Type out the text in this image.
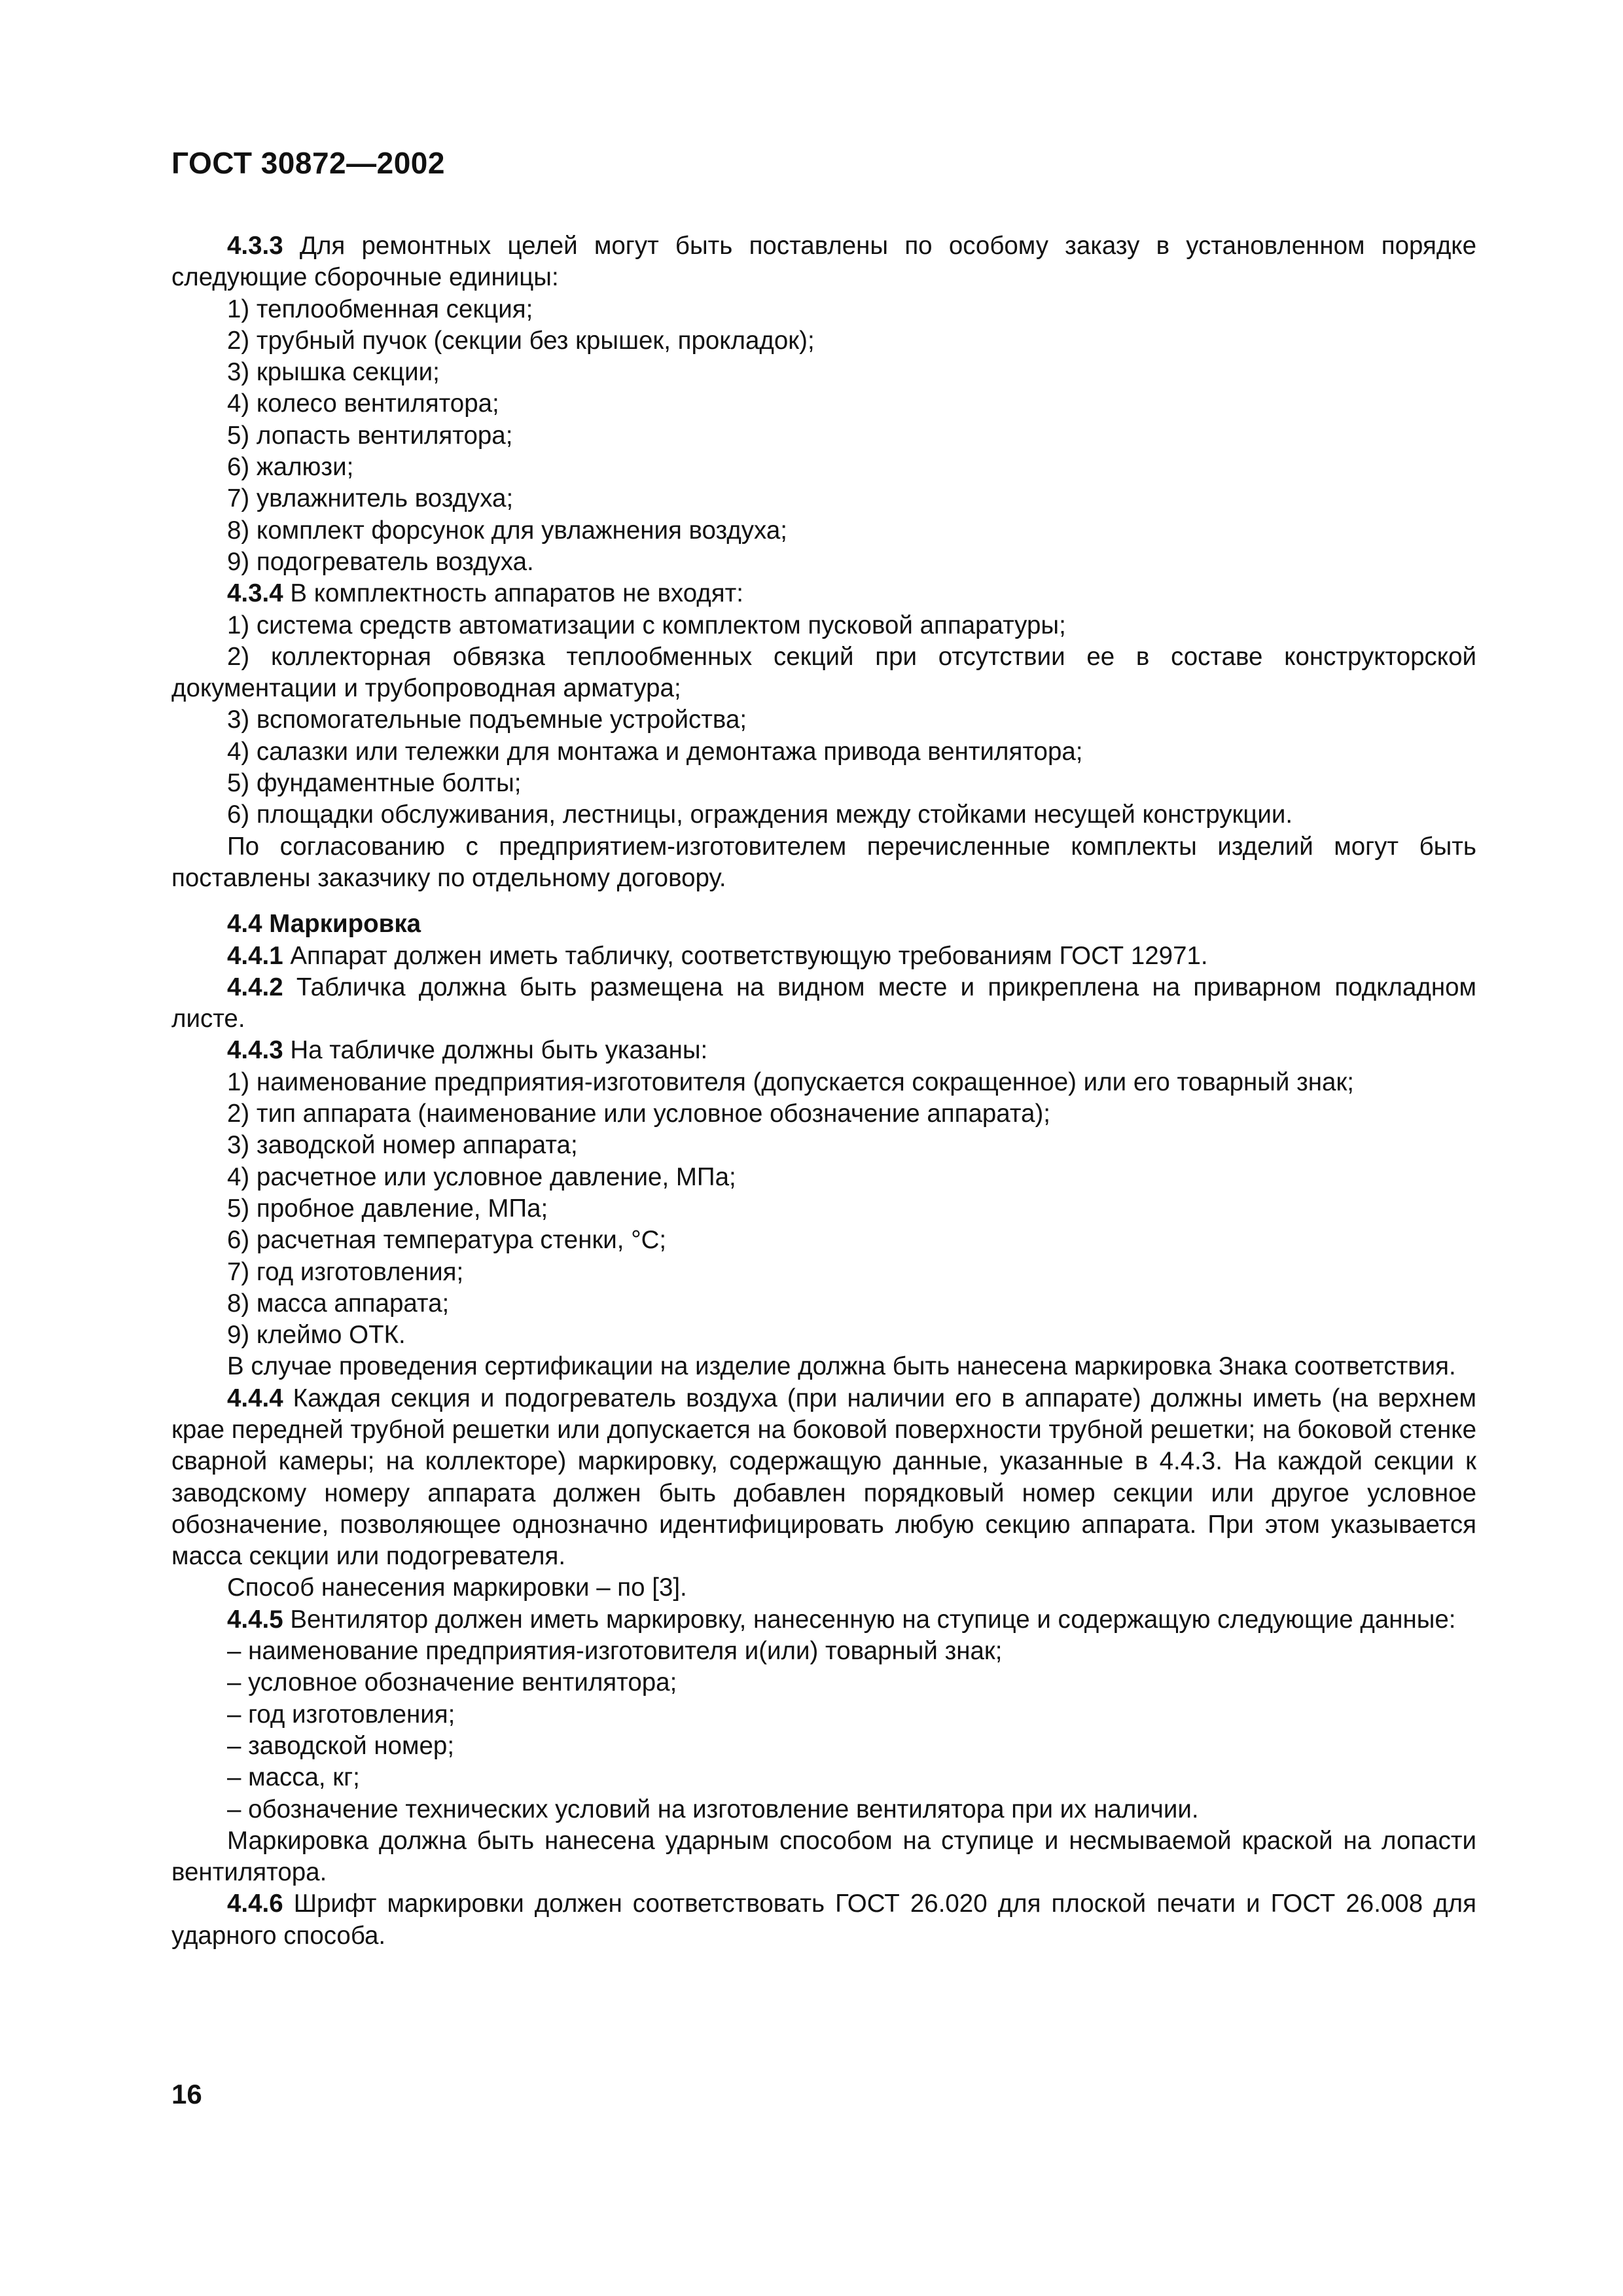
ГОСТ 30872—2002

4.3.3 Для ремонтных целей могут быть поставлены по особому заказу в установленном порядке следующие сборочные единицы:

1) теплообменная секция;

2) трубный пучок (секции без крышек, прокладок);

3) крышка секции;

4) колесо вентилятора;

5) лопасть вентилятора;

6) жалюзи;

7) увлажнитель воздуха;

8) комплект форсунок для увлажнения воздуха;

9) подогреватель воздуха.

4.3.4 В комплектность аппаратов не входят:

1) система средств автоматизации с комплектом пусковой аппаратуры;

2) коллекторная обвязка теплообменных секций при отсутствии ее в составе конструкторской документации и трубопроводная арматура;

3) вспомогательные подъемные устройства;

4) салазки или тележки для монтажа и демонтажа привода вентилятора;

5) фундаментные болты;

6) площадки обслуживания, лестницы, ограждения между стойками несущей конструкции.

По согласованию с предприятием-изготовителем перечисленные комплекты изделий могут быть поставлены заказчику по отдельному договору.

4.4 Маркировка

4.4.1 Аппарат должен иметь табличку, соответствующую требованиям ГОСТ 12971.

4.4.2 Табличка должна быть размещена на видном месте и прикреплена на приварном подкладном листе.

4.4.3 На табличке должны быть указаны:

1) наименование предприятия-изготовителя (допускается сокращенное) или его товарный знак;

2) тип аппарата (наименование или условное обозначение аппарата);

3) заводской номер аппарата;

4) расчетное или условное давление, МПа;

5) пробное давление, МПа;

6) расчетная температура стенки, °С;

7) год изготовления;

8) масса аппарата;

9) клеймо ОТК.

В случае проведения сертификации на изделие должна быть нанесена маркировка Знака соответствия.

4.4.4 Каждая секция и подогреватель воздуха (при наличии его в аппарате) должны иметь (на верхнем крае передней трубной решетки или допускается на боковой поверхности трубной решетки; на боковой стенке сварной камеры; на коллекторе) маркировку, содержащую данные, указанные в 4.4.3. На каждой секции к заводскому номеру аппарата должен быть добавлен порядковый номер секции или другое условное обозначение, позволяющее однозначно идентифицировать любую секцию аппарата. При этом указывается масса секции или подогревателя.

Способ нанесения маркировки – по [3].

4.4.5 Вентилятор должен иметь маркировку, нанесенную на ступице и содержащую следующие данные:

– наименование предприятия-изготовителя и(или) товарный знак;

– условное обозначение вентилятора;

– год изготовления;

– заводской номер;

– масса, кг;

– обозначение технических условий на изготовление вентилятора при их наличии.

Маркировка должна быть нанесена ударным способом на ступице и несмываемой краской на лопасти вентилятора.

4.4.6 Шрифт маркировки должен соответствовать ГОСТ 26.020 для плоской печати и ГОСТ 26.008 для ударного способа.

16
